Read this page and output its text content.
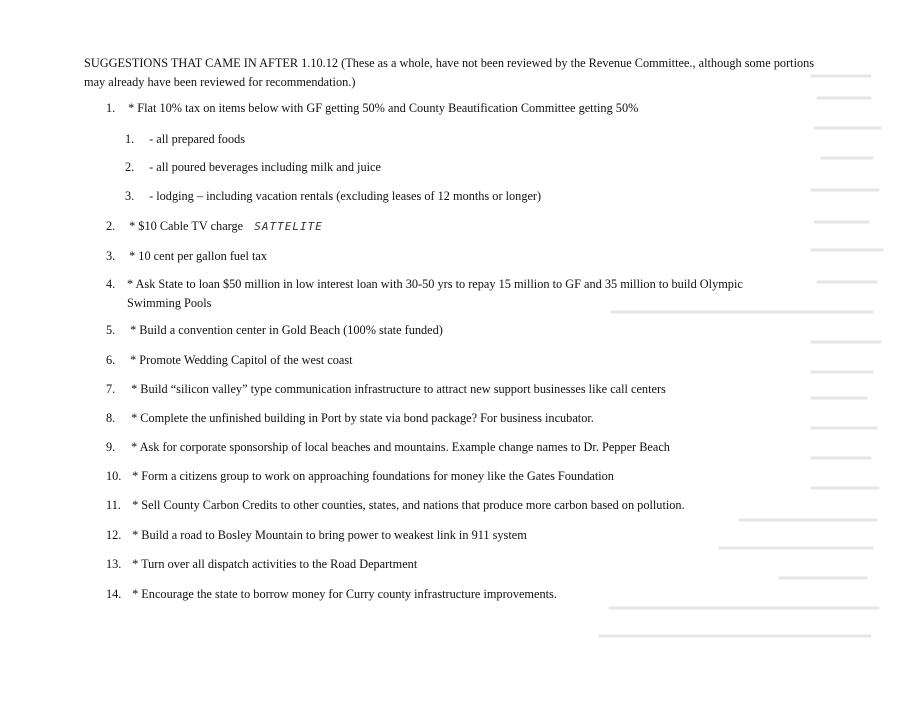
SUGGESTIONS THAT CAME IN AFTER 1.10.12 (These as a whole, have not been reviewed by the Revenue Committee., although some portions may already have been reviewed for recommendation.)
1. * Flat 10% tax on items below with GF getting 50% and County Beautification Committee getting 50%
1. - all prepared foods
2. - all poured beverages including milk and juice
3. - lodging – including vacation rentals (excluding leases of 12 months or longer)
2. * $10 Cable TV charge SATTELITE
3. * 10 cent per gallon fuel tax
4. * Ask State to loan $50 million in low interest loan with 30-50 yrs to repay 15 million to GF and 35 million to build Olympic Swimming Pools
5. * Build a convention center in Gold Beach (100% state funded)
6. * Promote Wedding Capitol of the west coast
7. * Build “silicon valley” type communication infrastructure to attract new support businesses like call centers
8. * Complete the unfinished building in Port by state via bond package? For business incubator.
9. * Ask for corporate sponsorship of local beaches and mountains. Example change names to Dr. Pepper Beach
10. * Form a citizens group to work on approaching foundations for money like the Gates Foundation
11. * Sell County Carbon Credits to other counties, states, and nations that produce more carbon based on pollution.
12. * Build a road to Bosley Mountain to bring power to weakest link in 911 system
13. * Turn over all dispatch activities to the Road Department
14. * Encourage the state to borrow money for Curry county infrastructure improvements.
